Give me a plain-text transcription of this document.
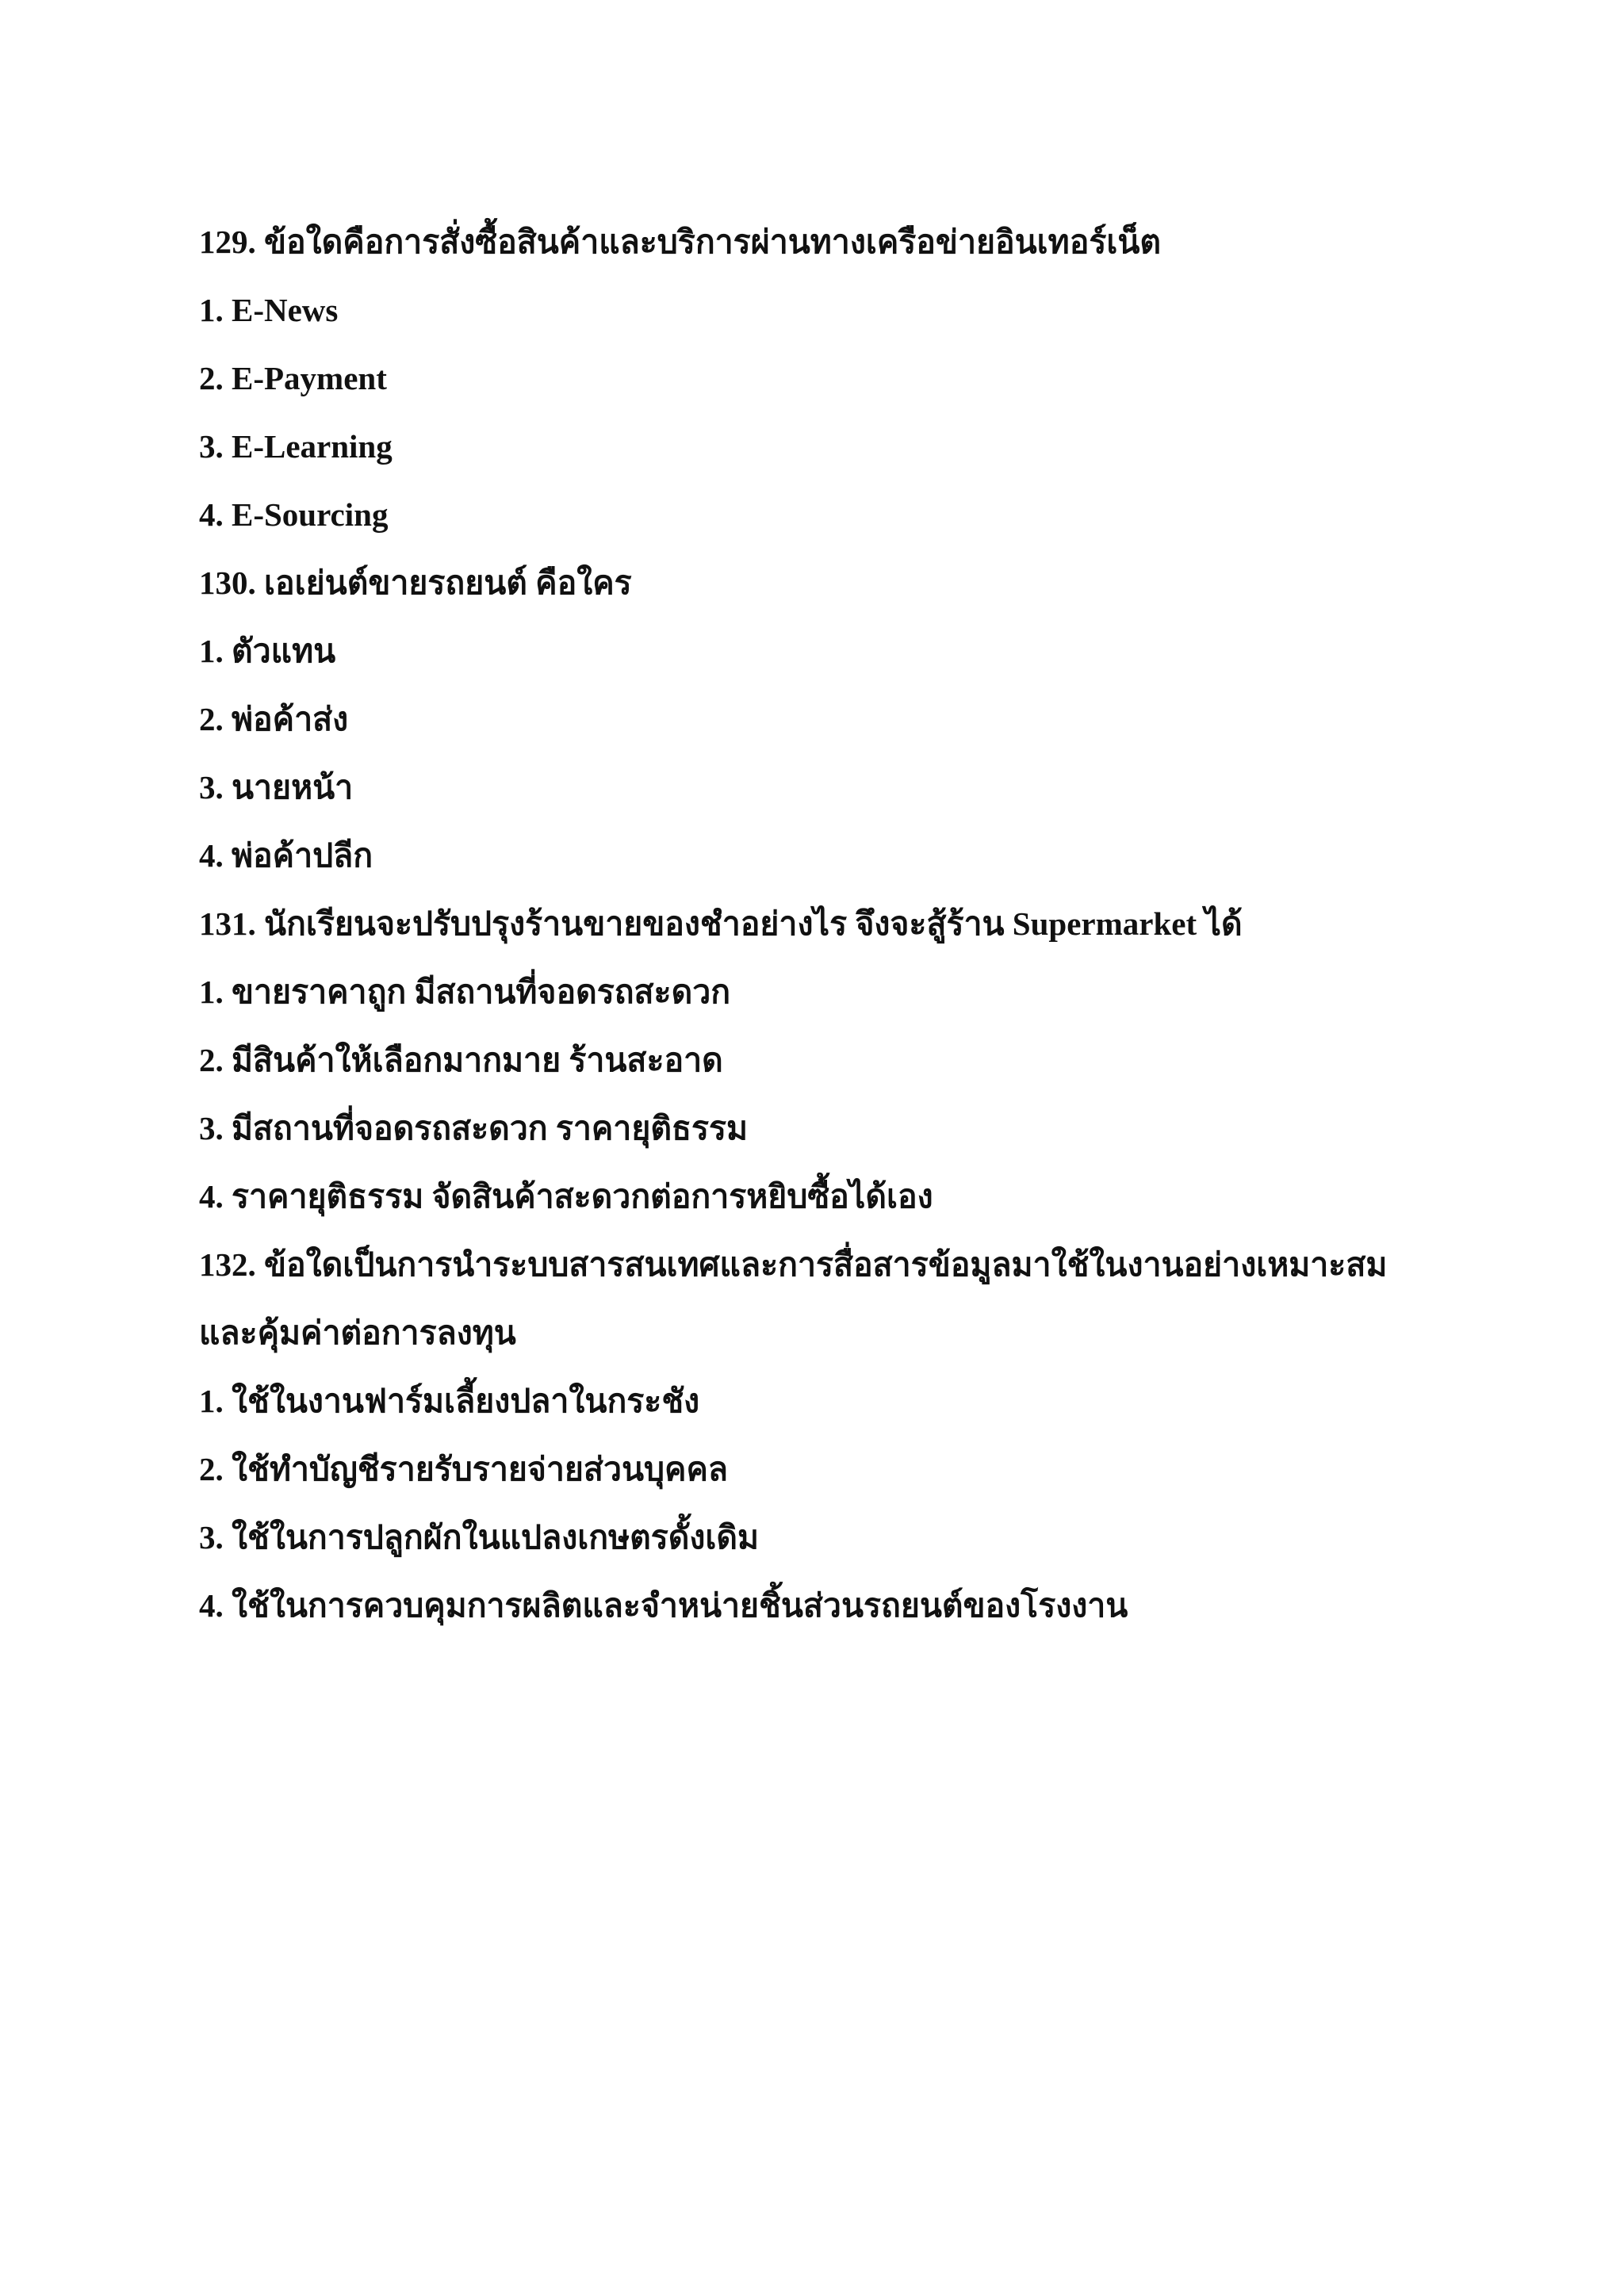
129. ข้อใดคือการสั่งซื้อสินค้าและบริการผ่านทางเครือข่ายอินเทอร์เน็ต
1. E-News
2. E-Payment
3. E-Learning
4. E-Sourcing
130. เอเย่นต์ขายรถยนต์ คือใคร
1. ตัวแทน
2. พ่อค้าส่ง
3. นายหน้า
4. พ่อค้าปลีก
131. นักเรียนจะปรับปรุงร้านขายของชำอย่างไร จึงจะสู้ร้าน Supermarket ได้
1. ขายราคาถูก มีสถานที่จอดรถสะดวก
2. มีสินค้าให้เลือกมากมาย ร้านสะอาด
3. มีสถานที่จอดรถสะดวก ราคายุติธรรม
4. ราคายุติธรรม จัดสินค้าสะดวกต่อการหยิบซื้อได้เอง
132. ข้อใดเป็นการนำระบบสารสนเทศและการสื่อสารข้อมูลมาใช้ในงานอย่างเหมาะสม
และคุ้มค่าต่อการลงทุน
1. ใช้ในงานฟาร์มเลี้ยงปลาในกระชัง
2. ใช้ทำบัญชีรายรับรายจ่ายส่วนบุคคล
3. ใช้ในการปลูกผักในแปลงเกษตรดั้งเดิม
4. ใช้ในการควบคุมการผลิตและจำหน่ายชิ้นส่วนรถยนต์ของโรงงาน
